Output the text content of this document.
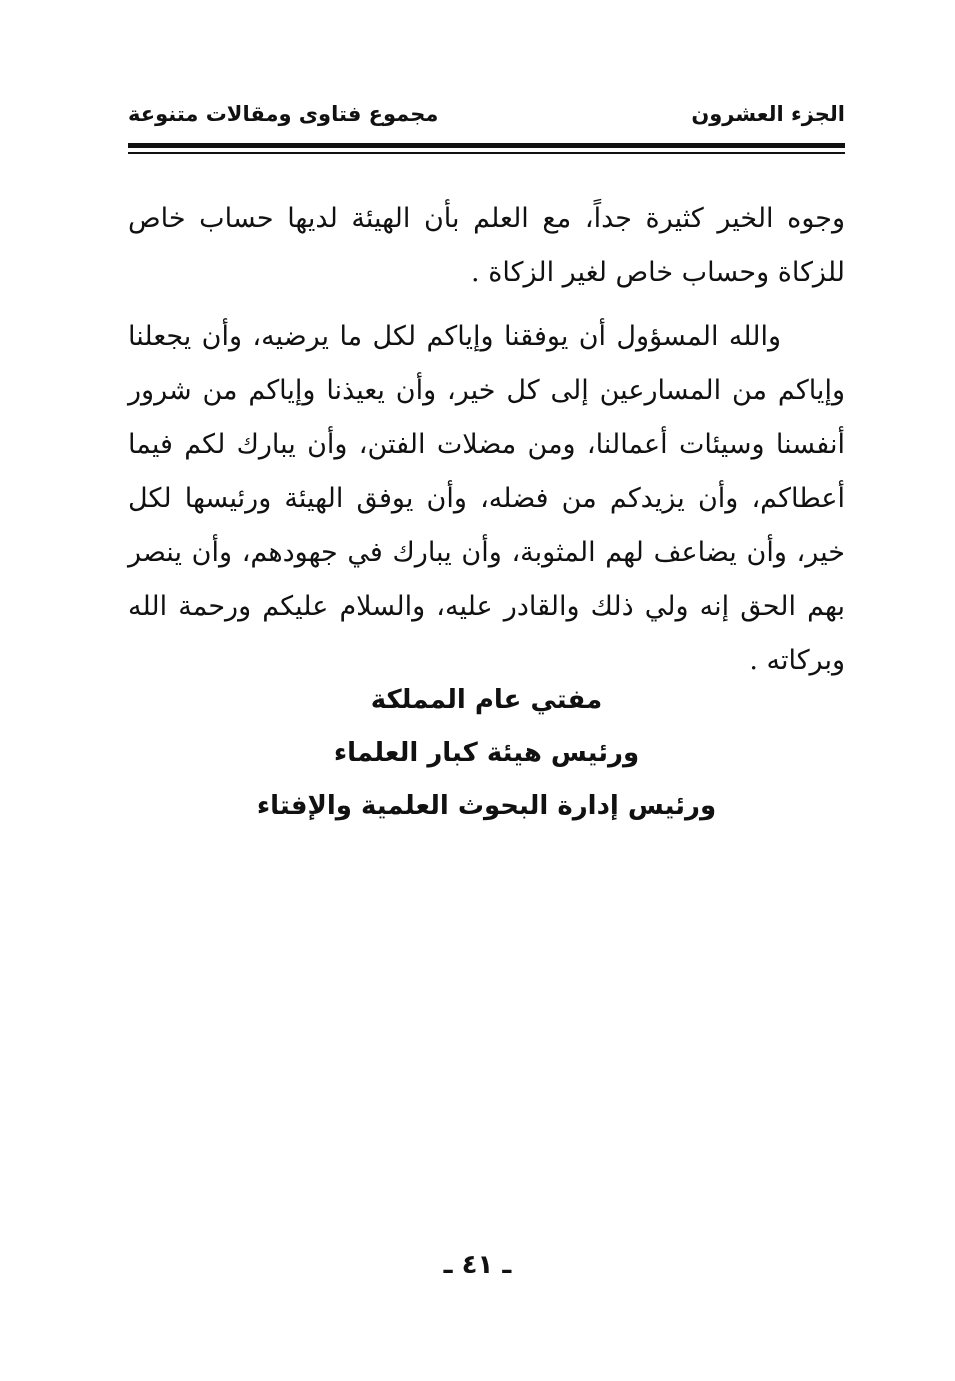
مجموع فتاوى ومقالات متنوعة	الجزء العشرون

وجوه الخير كثيرة جداً، مع العلم بأن الهيئة لديها حساب خاص للزكاة وحساب خاص لغير الزكاة .

والله المسؤول أن يوفقنا وإياكم لكل ما يرضيه، وأن يجعلنا وإياكم من المسارعين إلى كل خير، وأن يعيذنا وإياكم من شرور أنفسنا وسيئات أعمالنا، ومن مضلات الفتن، وأن يبارك لكم فيما أعطاكم، وأن يزيدكم من فضله، وأن يوفق الهيئة ورئيسها لكل خير، وأن يضاعف لهم المثوبة، وأن يبارك في جهودهم، وأن ينصر بهم الحق إنه ولي ذلك والقادر عليه، والسلام عليكم ورحمة الله وبركاته .

مفتي عام المملكة
ورئيس هيئة كبار العلماء
ورئيس إدارة البحوث العلمية والإفتاء
ـ ٤١ ـ
